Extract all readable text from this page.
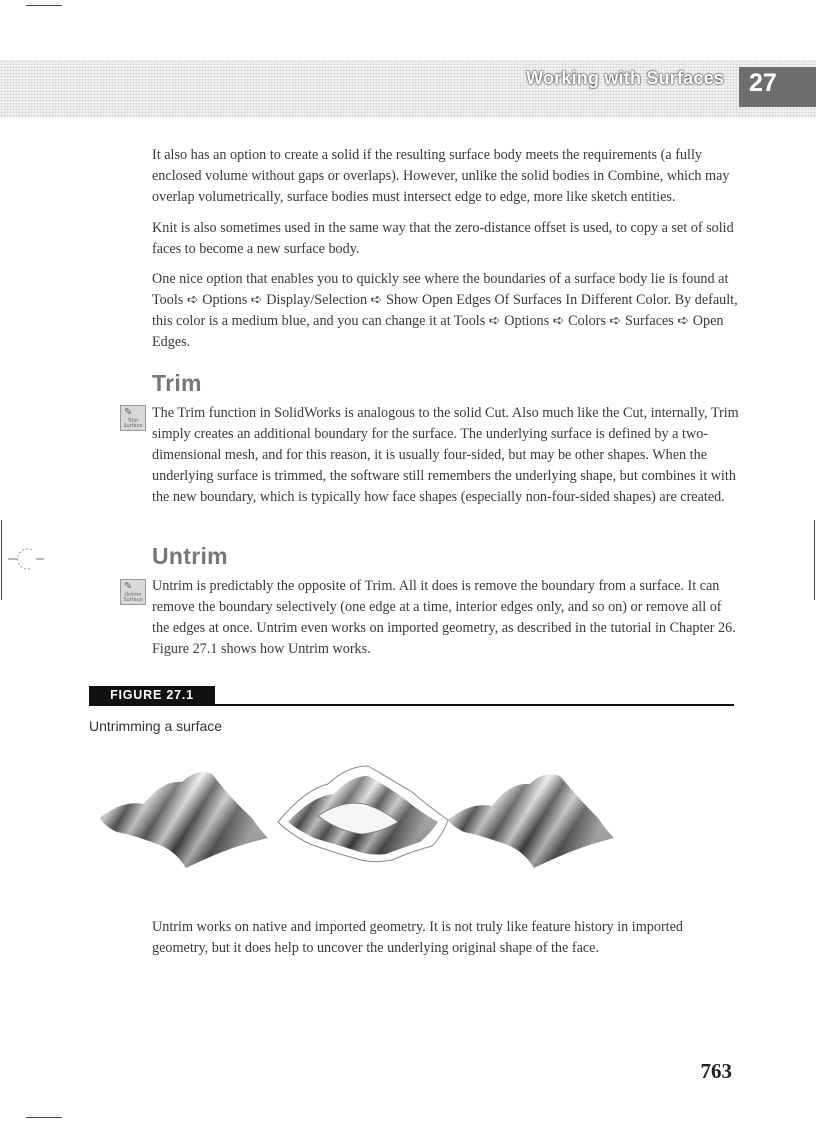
Working with Surfaces 27

It also has an option to create a solid if the resulting surface body meets the requirements (a fully enclosed volume without gaps or overlaps). However, unlike the solid bodies in Combine, which may overlap volumetrically, surface bodies must intersect edge to edge, more like sketch entities.

Knit is also sometimes used in the same way that the zero-distance offset is used, to copy a set of solid faces to become a new surface body.

One nice option that enables you to quickly see where the boundaries of a surface body lie is found at Tools ➪ Options ➪ Display/Selection ➪ Show Open Edges Of Surfaces In Different Color. By default, this color is a medium blue, and you can change it at Tools ➪ Options ➪ Colors ➪ Surfaces ➪ Open Edges.

Trim
✎
Trim
Surface

The Trim function in SolidWorks is analogous to the solid Cut. Also much like the Cut, internally, Trim simply creates an additional boundary for the surface. The underlying surface is defined by a two-dimensional mesh, and for this reason, it is usually four-sided, but may be other shapes. When the underlying surface is trimmed, the software still remembers the underlying shape, but combines it with the new boundary, which is typically how face shapes (especially non-four-sided shapes) are created.

Untrim
✎
Untrim
Surface

Untrim is predictably the opposite of Trim. All it does is remove the boundary from a surface. It can remove the boundary selectively (one edge at a time, interior edges only, and so on) or remove all of the edges at once. Untrim even works on imported geometry, as described in the tutorial in Chapter 26. Figure 27.1 shows how Untrim works.

FIGURE 27.1
Untrimming a surface

Untrim works on native and imported geometry. It is not truly like feature history in imported geometry, but it does help to uncover the underlying original shape of the face.

763
